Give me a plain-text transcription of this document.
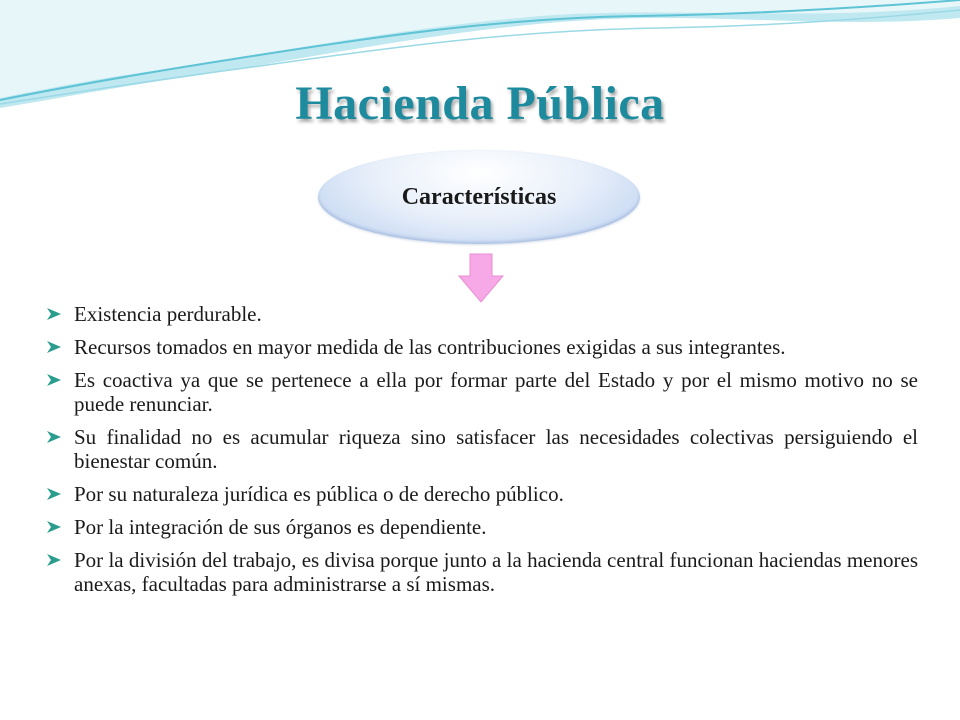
Hacienda Pública
Características
Existencia perdurable.
Recursos tomados en mayor medida de las contribuciones exigidas a sus integrantes.
Es coactiva ya que se pertenece a ella por formar parte del Estado y por el mismo motivo no se puede renunciar.
Su finalidad no es acumular riqueza sino satisfacer las necesidades colectivas persiguiendo el bienestar común.
Por su naturaleza jurídica es pública o de derecho público.
Por la integración de sus órganos es dependiente.
Por la división del trabajo, es divisa porque junto a la hacienda central funcionan haciendas menores anexas, facultadas para administrarse a sí mismas.
